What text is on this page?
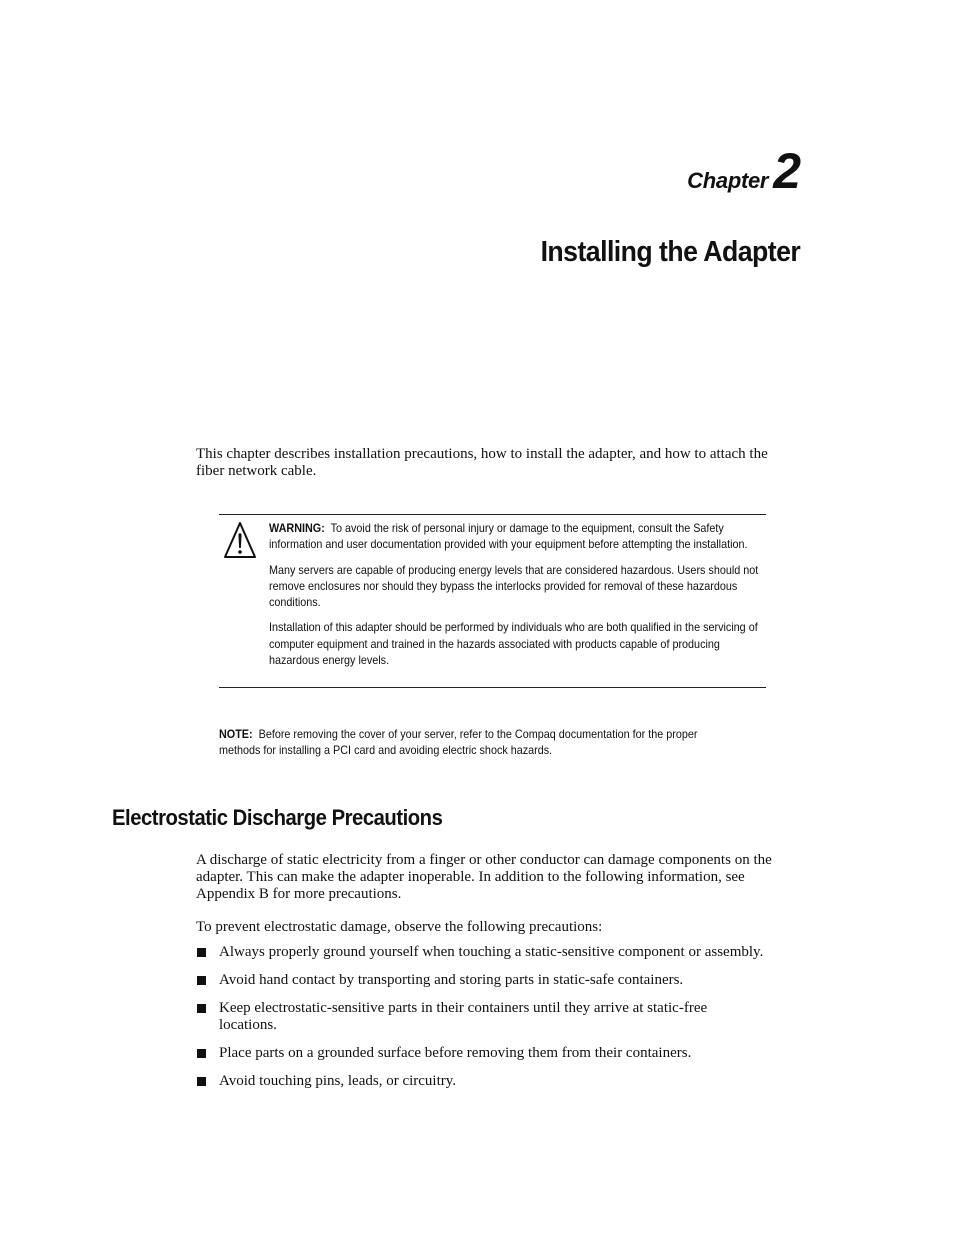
Chapter 2
Installing the Adapter

This chapter describes installation precautions, how to install the adapter, and how to attach the fiber network cable.

WARNING: To avoid the risk of personal injury or damage to the equipment, consult the Safety information and user documentation provided with your equipment before attempting the installation.

Many servers are capable of producing energy levels that are considered hazardous. Users should not remove enclosures nor should they bypass the interlocks provided for removal of these hazardous conditions.

Installation of this adapter should be performed by individuals who are both qualified in the servicing of computer equipment and trained in the hazards associated with products capable of producing hazardous energy levels.

NOTE: Before removing the cover of your server, refer to the Compaq documentation for the proper methods for installing a PCI card and avoiding electric shock hazards.

Electrostatic Discharge Precautions

A discharge of static electricity from a finger or other conductor can damage components on the adapter. This can make the adapter inoperable. In addition to the following information, see Appendix B for more precautions.

To prevent electrostatic damage, observe the following precautions:

Always properly ground yourself when touching a static-sensitive component or assembly.
Avoid hand contact by transporting and storing parts in static-safe containers.
Keep electrostatic-sensitive parts in their containers until they arrive at static-free locations.
Place parts on a grounded surface before removing them from their containers.
Avoid touching pins, leads, or circuitry.
